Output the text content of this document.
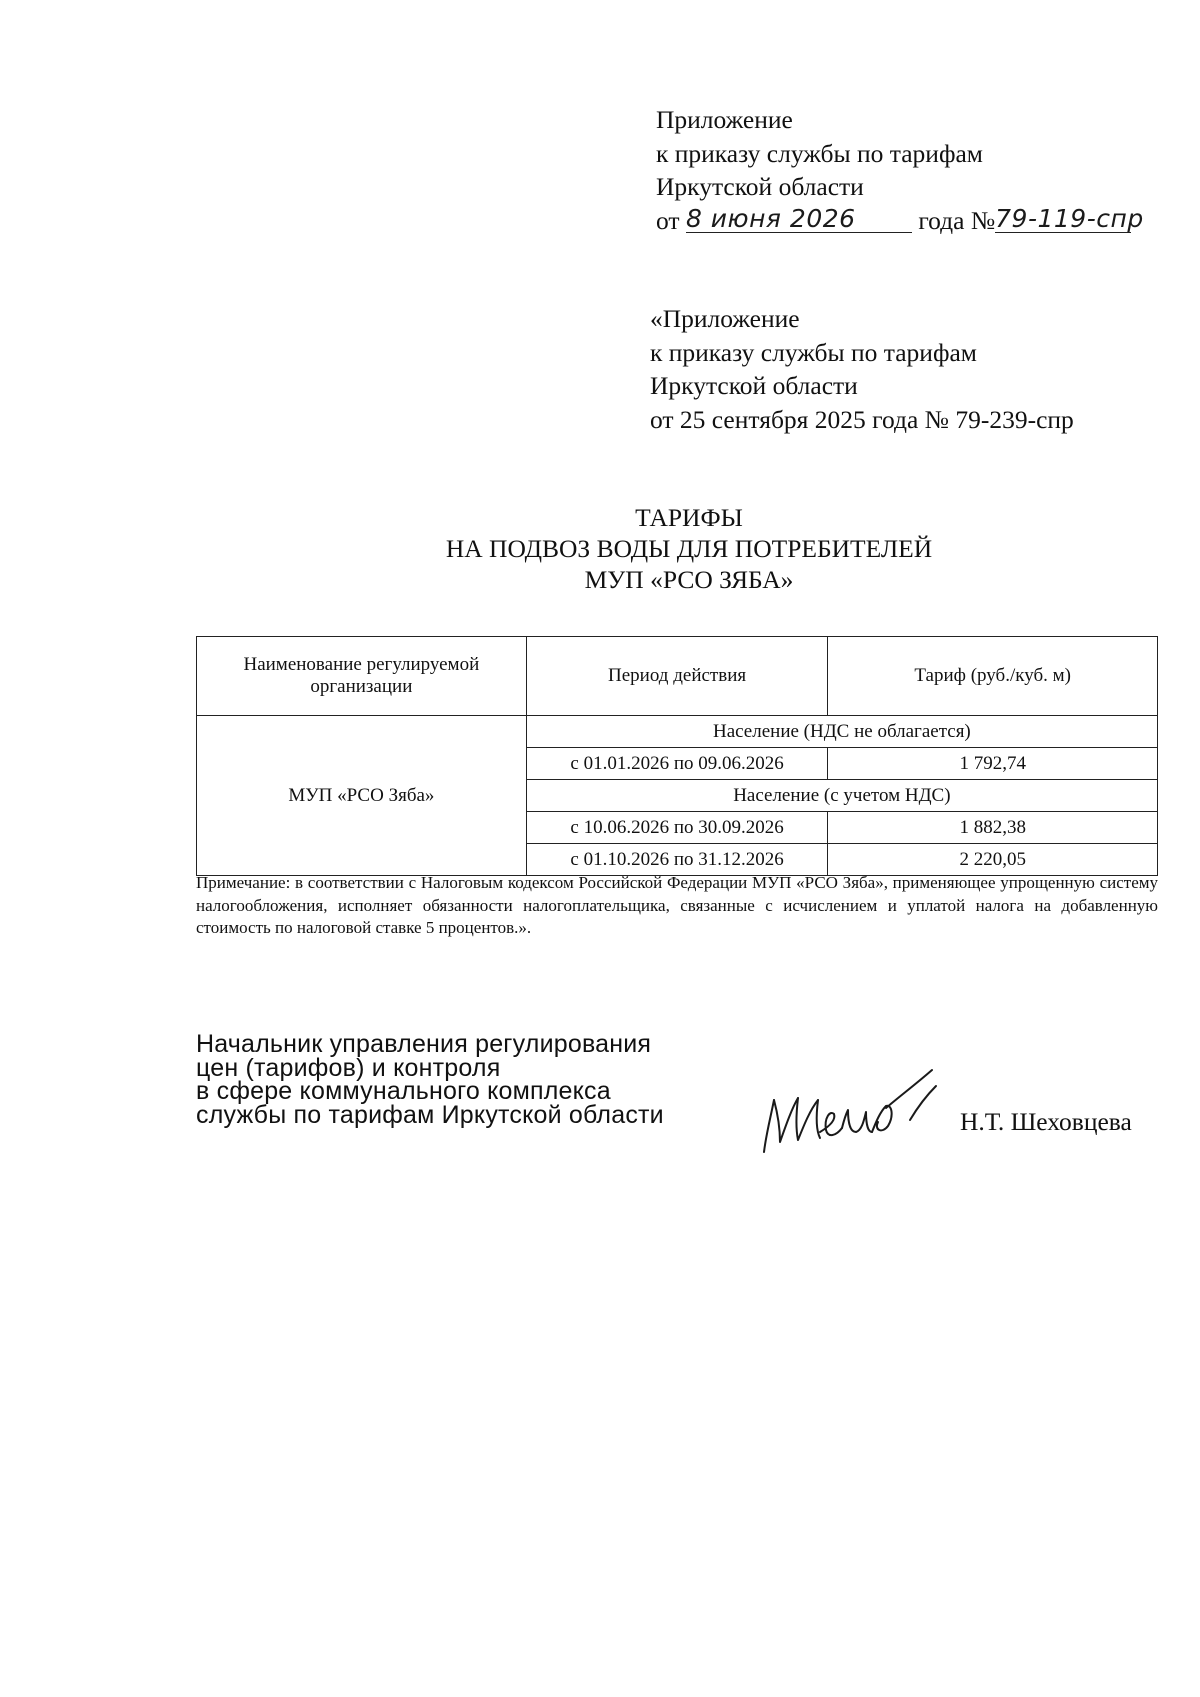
Приложение
к приказу службы по тарифам
Иркутской области
от 8 июня 2026 года №79-119-спр
«Приложение
к приказу службы по тарифам
Иркутской области
от 25 сентября 2025 года № 79-239-спр
ТАРИФЫ
НА ПОДВОЗ ВОДЫ ДЛЯ ПОТРЕБИТЕЛЕЙ
МУП «РСО ЗЯБА»
Наименование регулируемой организации	Период действия	Тариф (руб./куб. м)
МУП «РСО Зяба»	Население (НДС не облагается)	
	с 01.01.2026 по 09.06.2026	1 792,74
	Население (с учетом НДС)	
	с 10.06.2026 по 30.09.2026	1 882,38
	с 01.10.2026 по 31.12.2026	2 220,05
Примечание: в соответствии с Налоговым кодексом Российской Федерации МУП «РСО Зяба», применяющее упрощенную систему налогообложения, исполняет обязанности налогоплательщика, связанные с исчислением и уплатой налога на добавленную стоимость по налоговой ставке 5 процентов.».
Начальник управления регулирования
цен (тарифов) и контроля
в сфере коммунального комплекса
службы по тарифам Иркутской области	Н.Т. Шеховцева
